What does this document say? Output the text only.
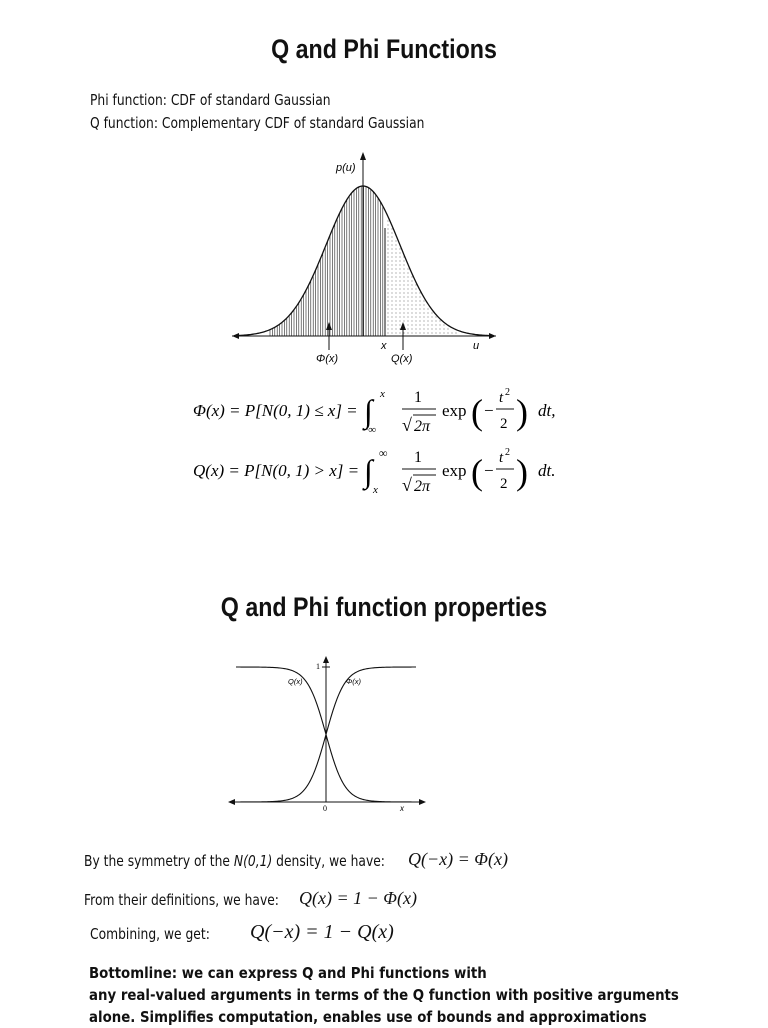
Q and Phi Functions
Phi function: CDF of standard Gaussian
Q function: Complementary CDF of standard Gaussian
p(u)
u
x
Φ(x)	Q(x)
Φ(x) = P[N(0, 1) ≤ x] = ∫ x
−∞
1
√ 2π
exp ( −
t 2
2 ) dt,
Q(x) = P[N(0, 1) > x] = ∫ ∞
x
1
√ 2π
exp ( −
t 2
2 ) dt.
Q and Phi function properties
Q(x)	Φ(x)
1
0	x
By the symmetry of the N(0,1) density, we have: Q(−x) = Φ(x)
From their definitions, we have: Q(x) = 1 − Φ(x)
Combining, we get: Q(−x) = 1 − Q(x)
Bottomline: we can express Q and Phi functions with
any real-valued arguments in terms of the Q function with positive arguments
alone. Simplifies computation, enables use of bounds and approximations
